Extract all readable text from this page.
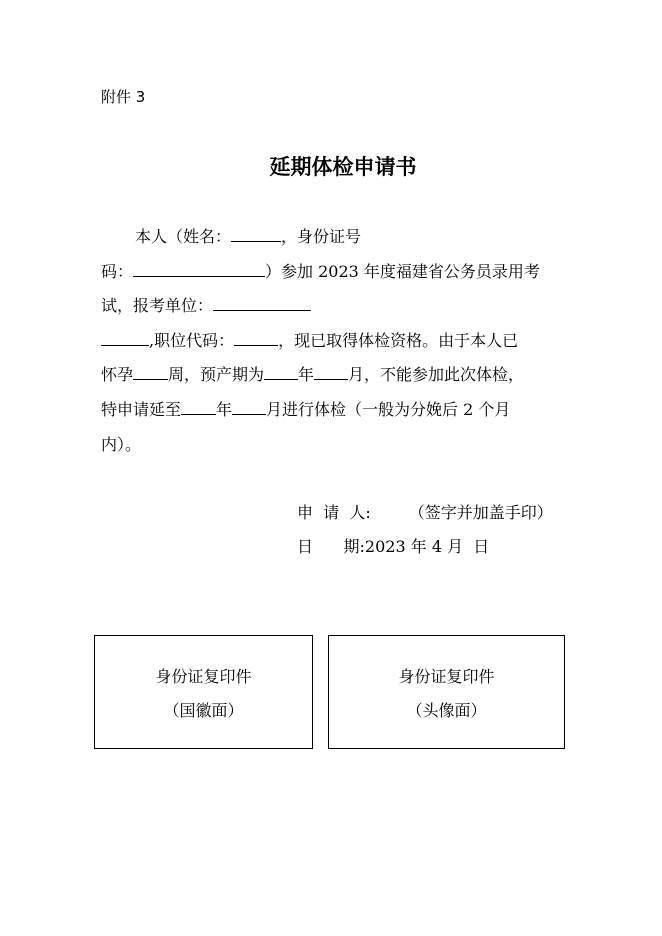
附件 3
延期体检申请书
本人（姓名：	，身份证号
码：	）参加 2023 年度福建省公务员录用考
试，报考单位：
,职位代码：	，现已取得体检资格。由于本人已
怀孕 周，预产期为 年 月，不能参加此次体检，
特申请延至 年 月进行体检（一般为分娩后 2 个月
内）。
申  请  人: （签字并加盖手印）
日      期:2023 年 4 月  日
身份证复印件
（国徽面）
身份证复印件
（头像面）
